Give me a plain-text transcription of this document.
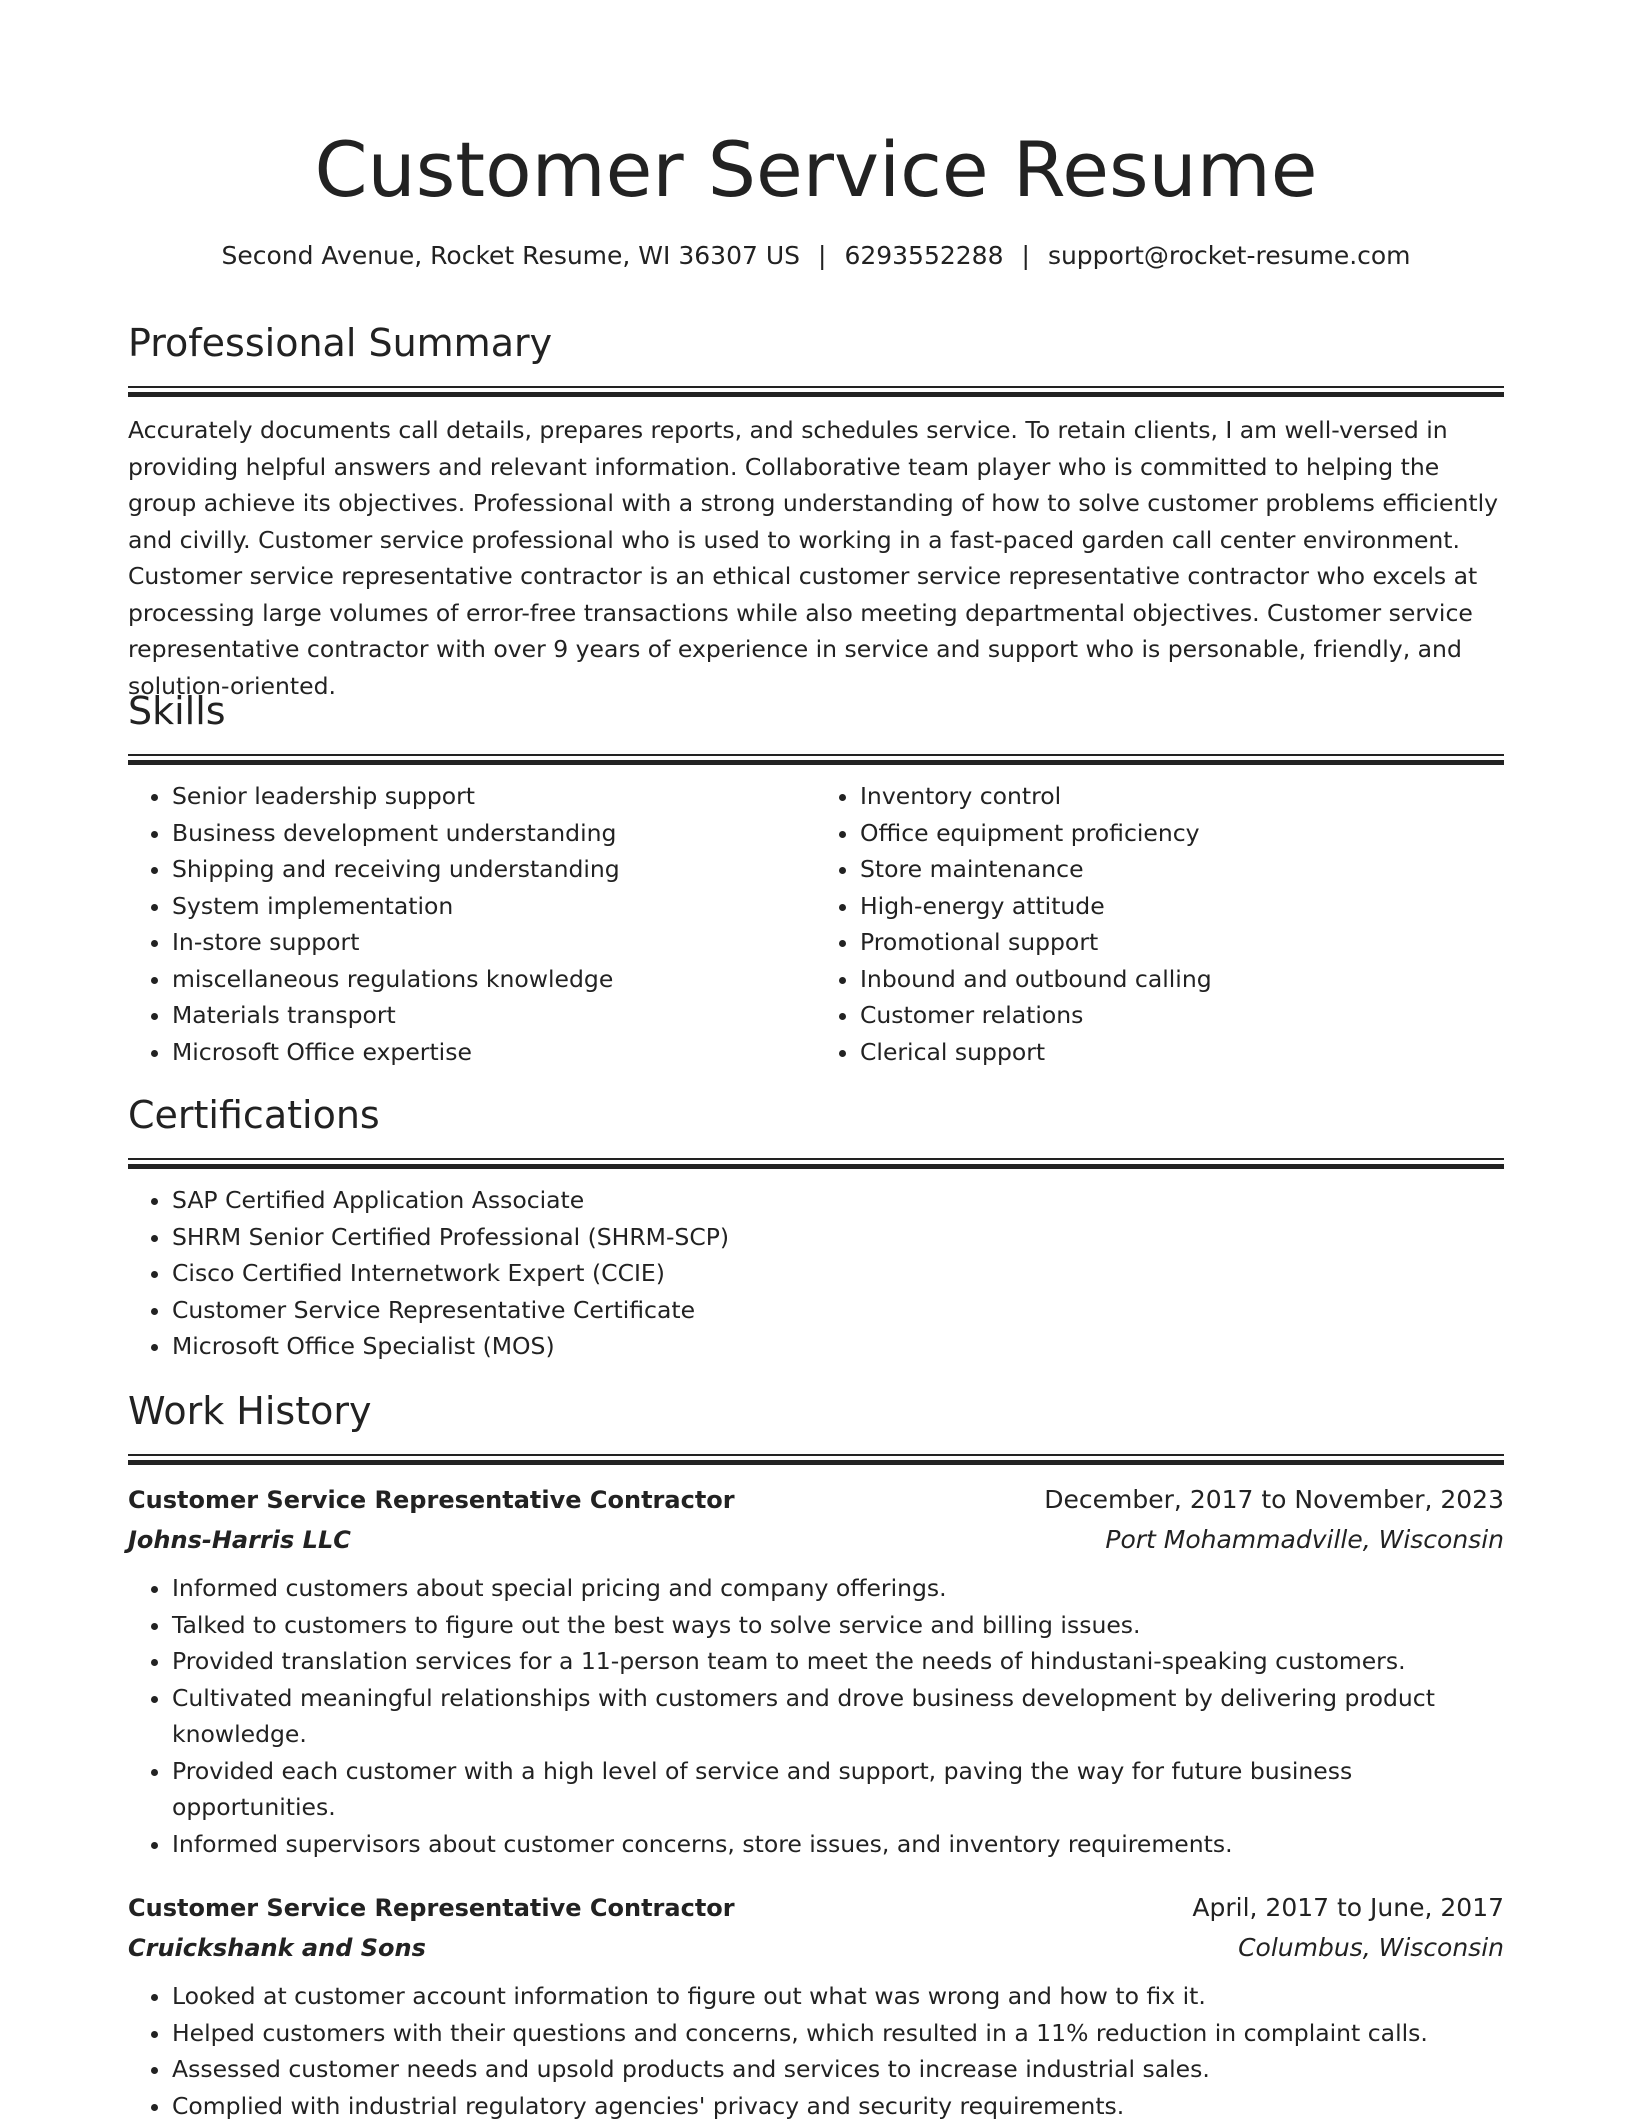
Customer Service Resume
Second Avenue, Rocket Resume, WI 36307 US | 6293552288 | support@rocket-resume.com
Professional Summary

Accurately documents call details, prepares reports, and schedules service. To retain clients, I am well-versed in providing helpful answers and relevant information. Collaborative team player who is committed to helping the group achieve its objectives. Professional with a strong understanding of how to solve customer problems efficiently and civilly. Customer service professional who is used to working in a fast-paced garden call center environment. Customer service representative contractor is an ethical customer service representative contractor who excels at processing large volumes of error-free transactions while also meeting departmental objectives. Customer service representative contractor with over 9 years of experience in service and support who is personable, friendly, and solution-oriented.

Skills
• Senior leadership support
• Business development understanding
• Shipping and receiving understanding
• System implementation
• In-store support
• miscellaneous regulations knowledge
• Materials transport
• Microsoft Office expertise
• Inventory control
• Office equipment proficiency
• Store maintenance
• High-energy attitude
• Promotional support
• Inbound and outbound calling
• Customer relations
• Clerical support
Certifications
• SAP Certified Application Associate
• SHRM Senior Certified Professional (SHRM-SCP)
• Cisco Certified Internetwork Expert (CCIE)
• Customer Service Representative Certificate
• Microsoft Office Specialist (MOS)
Work History
Customer Service Representative Contractor	December, 2017 to November, 2023
Johns-Harris LLC	Port Mohammadville, Wisconsin
• Informed customers about special pricing and company offerings.
• Talked to customers to figure out the best ways to solve service and billing issues.
• Provided translation services for a 11-person team to meet the needs of hindustani-speaking customers.
• Cultivated meaningful relationships with customers and drove business development by delivering product knowledge.
• Provided each customer with a high level of service and support, paving the way for future business opportunities.
• Informed supervisors about customer concerns, store issues, and inventory requirements.
Customer Service Representative Contractor	April, 2017 to June, 2017
Cruickshank and Sons	Columbus, Wisconsin
• Looked at customer account information to figure out what was wrong and how to fix it.
• Helped customers with their questions and concerns, which resulted in a 11% reduction in complaint calls.
• Assessed customer needs and upsold products and services to increase industrial sales.
• Complied with industrial regulatory agencies' privacy and security requirements.
